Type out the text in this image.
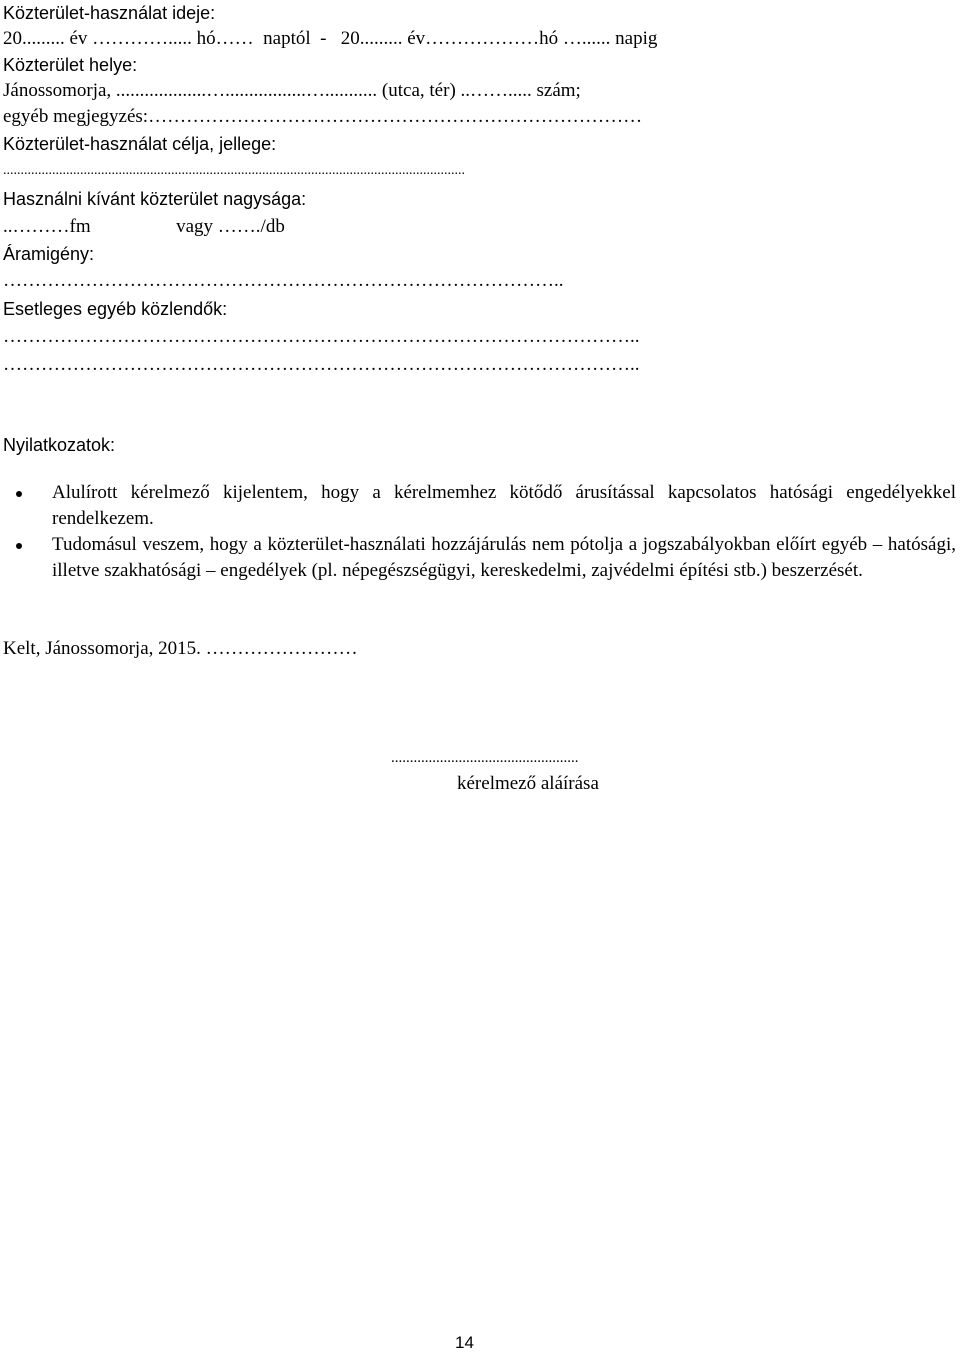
Közterület-használat ideje:

20......... év …………..... hó……  naptól  -   20......... év………………hó …...... napig

Közterület helye:

Jánossomorja, ...................….................…........... (utca, tér) ..……..... szám;

egyéb megjegyzés:……………………………………………………………………

Közterület-használat célja, jellege:

....................................................................................................................................

Használni kívánt közterület nagysága:

..………fm                  vagy ……./db

Áramigény:

……………………………………………………………………………..

Esetleges egyéb közlendők:

………………………………………………………………………………………..

………………………………………………………………………………………..

Nyilatkozatok:

Alulírott kérelmező kijelentem, hogy a kérelmemhez kötődő árusítással kapcsolatos hatósági engedélyekkel rendelkezem.
Tudomásul veszem, hogy a közterület-használati hozzájárulás nem pótolja a jogszabályokban előírt egyéb – hatósági, illetve szakhatósági – engedélyek (pl. népegészségügyi, kereskedelmi, zajvédelmi építési stb.) beszerzését.

Kelt, Jánossomorja, 2015. ……………………

..................................................
kérelmező aláírása
14
